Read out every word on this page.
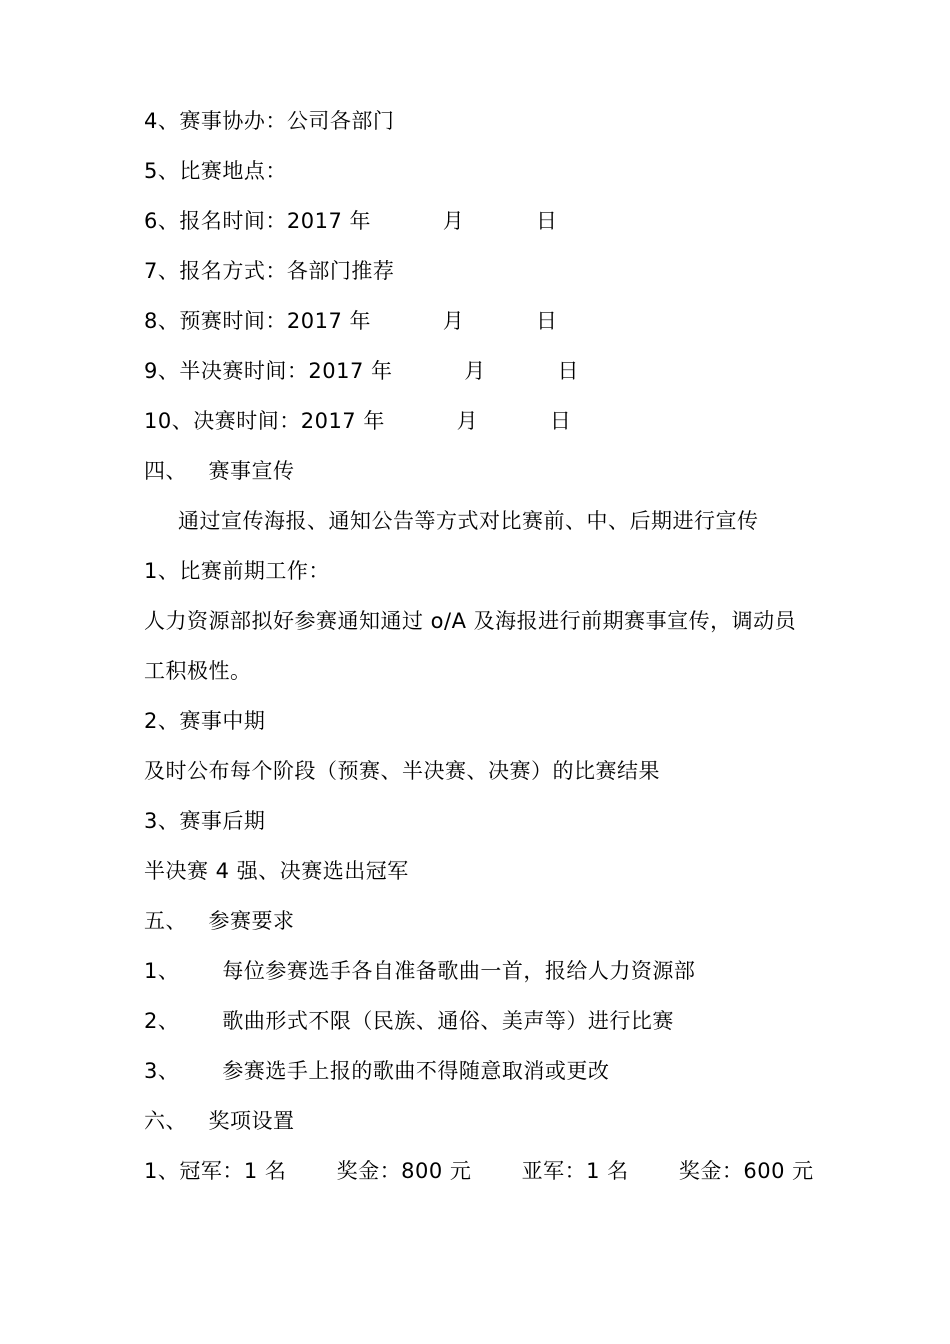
4、赛事协办：公司各部门
5、比赛地点：
6、报名时间：2017 年          月          日
7、报名方式：各部门推荐
8、预赛时间：2017 年          月          日
9、半决赛时间：2017 年          月          日
10、决赛时间：2017 年          月          日
四、   赛事宣传
通过宣传海报、通知公告等方式对比赛前、中、后期进行宣传
1、比赛前期工作：
人力资源部拟好参赛通知通过 o/A 及海报进行前期赛事宣传，调动员
工积极性。
2、赛事中期
及时公布每个阶段（预赛、半决赛、决赛）的比赛结果
3、赛事后期
半决赛 4 强、决赛选出冠军
五、   参赛要求
1、      每位参赛选手各自准备歌曲一首，报给人力资源部
2、      歌曲形式不限（民族、通俗、美声等）进行比赛
3、      参赛选手上报的歌曲不得随意取消或更改
六、   奖项设置
1、冠军：1 名       奖金：800 元       亚军：1 名       奖金：600 元
